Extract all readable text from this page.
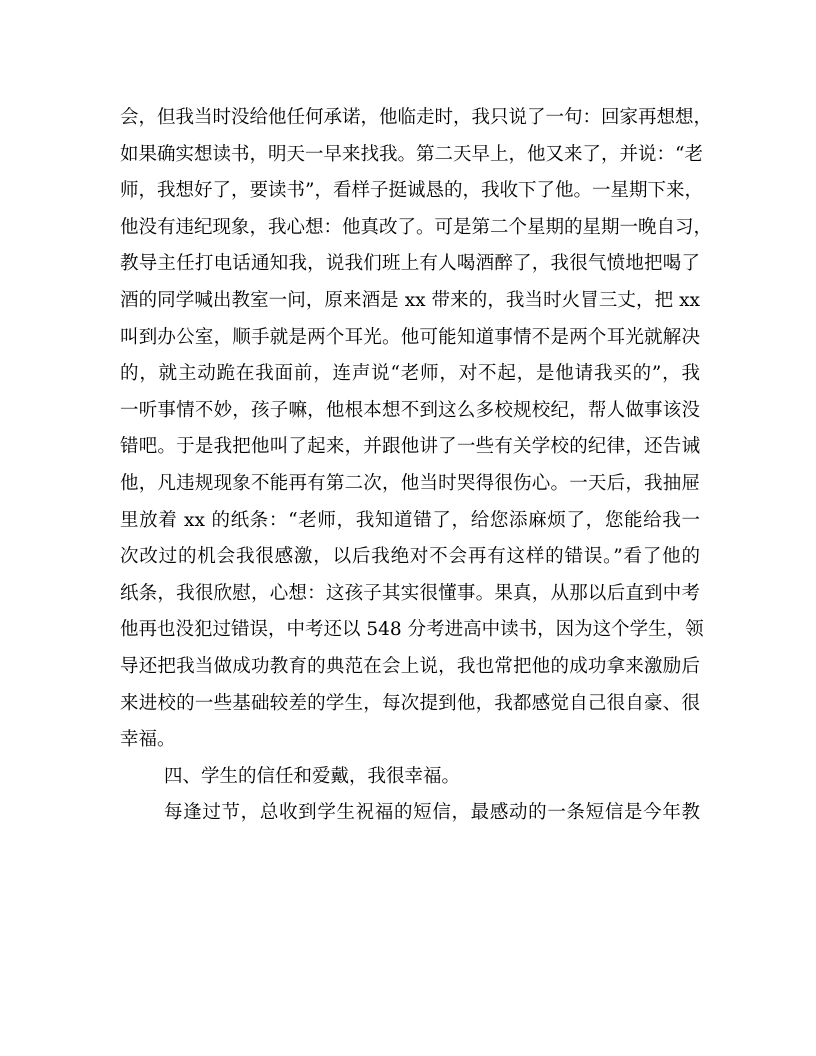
会，但我当时没给他任何承诺，他临走时，我只说了一句：回家再想想，
如果确实想读书，明天一早来找我。第二天早上，他又来了，并说：“老
师，我想好了，要读书”，看样子挺诚恳的，我收下了他。一星期下来，
他没有违纪现象，我心想：他真改了。可是第二个星期的星期一晚自习，
教导主任打电话通知我，说我们班上有人喝酒醉了，我很气愤地把喝了
酒的同学喊出教室一问，原来酒是 xx 带来的，我当时火冒三丈，把 xx
叫到办公室，顺手就是两个耳光。他可能知道事情不是两个耳光就解决
的，就主动跪在我面前，连声说“老师，对不起，是他请我买的”，我
一听事情不妙，孩子嘛，他根本想不到这么多校规校纪，帮人做事该没
错吧。于是我把他叫了起来，并跟他讲了一些有关学校的纪律，还告诫
他，凡违规现象不能再有第二次，他当时哭得很伤心。一天后，我抽屉
里放着 xx 的纸条：“老师，我知道错了，给您添麻烦了，您能给我一
次改过的机会我很感激，以后我绝对不会再有这样的错误。”看了他的
纸条，我很欣慰，心想：这孩子其实很懂事。果真，从那以后直到中考
他再也没犯过错误，中考还以 548 分考进高中读书，因为这个学生，领
导还把我当做成功教育的典范在会上说，我也常把他的成功拿来激励后
来进校的一些基础较差的学生，每次提到他，我都感觉自己很自豪、很
幸福。
四、学生的信任和爱戴，我很幸福。
每逢过节，总收到学生祝福的短信，最感动的一条短信是今年教
